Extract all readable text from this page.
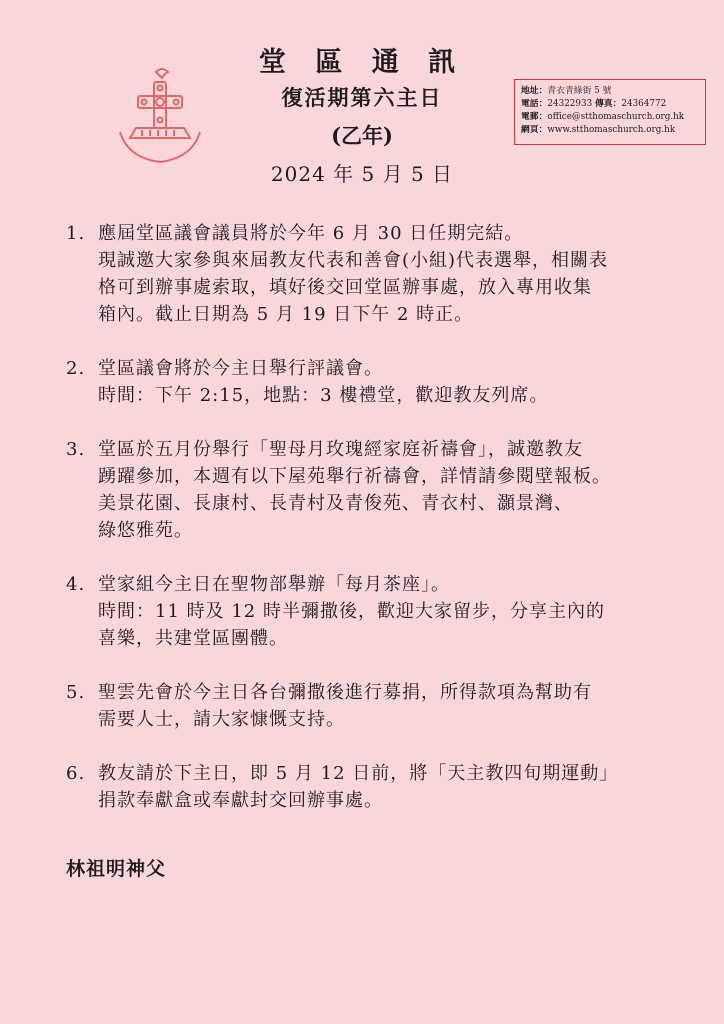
堂 區 通 訊
復活期第六主日
(乙年)
2024 年 5 月 5 日
地址：青衣青綠街 5 號
電話：24322933 傳真：24364772
電郵：office@stthomaschurch.org.hk
網頁：www.stthomaschurch.org.hk
1. 應屆堂區議會議員將於今年 6 月 30 日任期完結。
現誠邀大家參與來屆教友代表和善會(小組)代表選舉，相關表
格可到辦事處索取，填好後交回堂區辦事處，放入專用收集
箱內。截止日期為 5 月 19 日下午 2 時正。
2. 堂區議會將於今主日舉行評議會。
時間：下午 2:15，地點：3 樓禮堂，歡迎教友列席。
3. 堂區於五月份舉行「聖母月玫瑰經家庭祈禱會」，誠邀教友
踴躍參加，本週有以下屋苑舉行祈禱會，詳情請參閱壁報板。
美景花園、長康村、長青村及青俊苑、青衣村、灝景灣、
綠悠雅苑。
4. 堂家組今主日在聖物部舉辦「每月茶座」。
時間：11 時及 12 時半彌撒後，歡迎大家留步，分享主內的
喜樂，共建堂區團體。
5. 聖雲先會於今主日各台彌撒後進行募捐，所得款項為幫助有
需要人士，請大家慷慨支持。
6. 教友請於下主日，即 5 月 12 日前，將「天主教四旬期運動」
捐款奉獻盒或奉獻封交回辦事處。
林祖明神父
